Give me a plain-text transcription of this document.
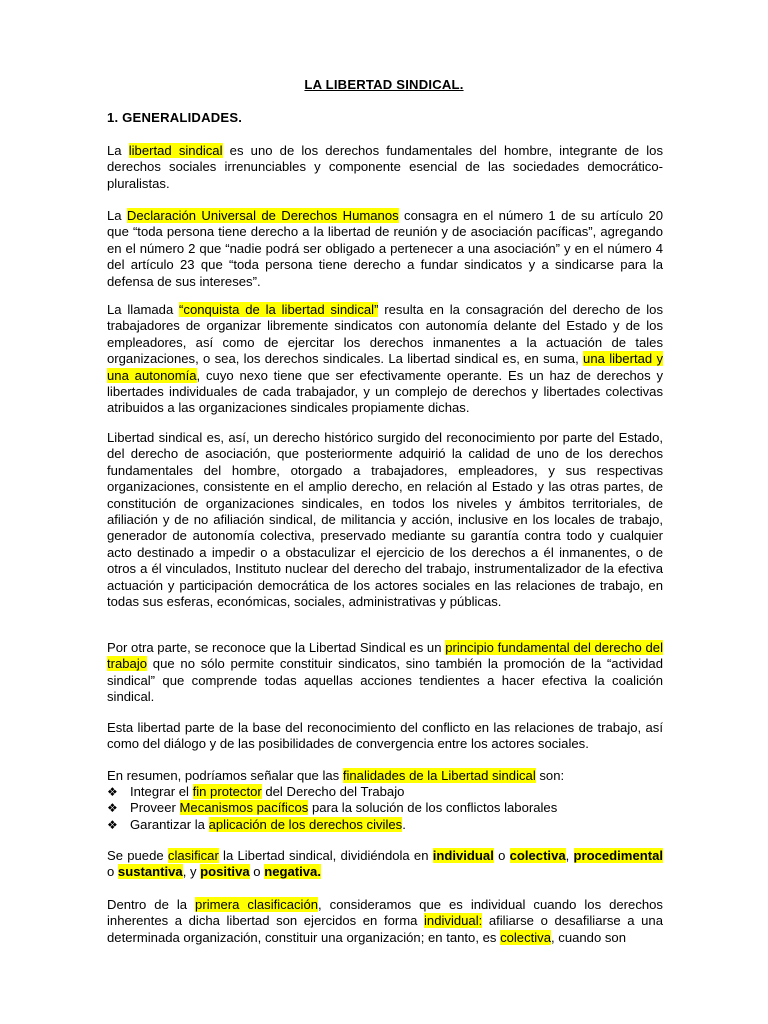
LA LIBERTAD SINDICAL.
1. GENERALIDADES.

La libertad sindical es uno de los derechos fundamentales del hombre, integrante de los derechos sociales irrenunciables y componente esencial de las sociedades democrático-pluralistas.

La Declaración Universal de Derechos Humanos consagra en el número 1 de su artículo 20 que “toda persona tiene derecho a la libertad de reunión y de asociación pacíficas”, agregando en el número 2 que “nadie podrá ser obligado a pertenecer a una asociación” y en el número 4 del artículo 23 que “toda persona tiene derecho a fundar sindicatos y a sindicarse para la defensa de sus intereses”.

La llamada “conquista de la libertad sindical” resulta en la consagración del derecho de los trabajadores de organizar libremente sindicatos con autonomía delante del Estado y de los empleadores, así como de ejercitar los derechos inmanentes a la actuación de tales organizaciones, o sea, los derechos sindicales. La libertad sindical es, en suma, una libertad y una autonomía, cuyo nexo tiene que ser efectivamente operante. Es un haz de derechos y libertades individuales de cada trabajador, y un complejo de derechos y libertades colectivas atribuidos a las organizaciones sindicales propiamente dichas.

Libertad sindical es, así, un derecho histórico surgido del reconocimiento por parte del Estado, del derecho de asociación, que posteriormente adquirió la calidad de uno de los derechos fundamentales del hombre, otorgado a trabajadores, empleadores, y sus respectivas organizaciones, consistente en el amplio derecho, en relación al Estado y las otras partes, de constitución de organizaciones sindicales, en todos los niveles y ámbitos territoriales, de afiliación y de no afiliación sindical, de militancia y acción, inclusive en los locales de trabajo, generador de autonomía colectiva, preservado mediante su garantía contra todo y cualquier acto destinado a impedir o a obstaculizar el ejercicio de los derechos a él inmanentes, o de otros a él vinculados, Instituto nuclear del derecho del trabajo, instrumentalizador de la efectiva actuación y participación democrática de los actores sociales en las relaciones de trabajo, en todas sus esferas, económicas, sociales, administrativas y públicas.

Por otra parte, se reconoce que la Libertad Sindical es un principio fundamental del derecho del trabajo que no sólo permite constituir sindicatos, sino también la promoción de la “actividad sindical” que comprende todas aquellas acciones tendientes a hacer efectiva la coalición sindical.

Esta libertad parte de la base del reconocimiento del conflicto en las relaciones de trabajo, así como del diálogo y de las posibilidades de convergencia entre los actores sociales.

En resumen, podríamos señalar que las finalidades de la Libertad sindical son:

❖ Integrar el fin protector del Derecho del Trabajo
❖ Proveer Mecanismos pacíficos para la solución de los conflictos laborales
❖ Garantizar la aplicación de los derechos civiles.

Se puede clasificar la Libertad sindical, dividiéndola en individual o colectiva, procedimental o sustantiva, y positiva o negativa.

Dentro de la primera clasificación, consideramos que es individual cuando los derechos inherentes a dicha libertad son ejercidos en forma individual: afiliarse o desafiliarse a una determinada organización, constituir una organización; en tanto, es colectiva, cuando son
